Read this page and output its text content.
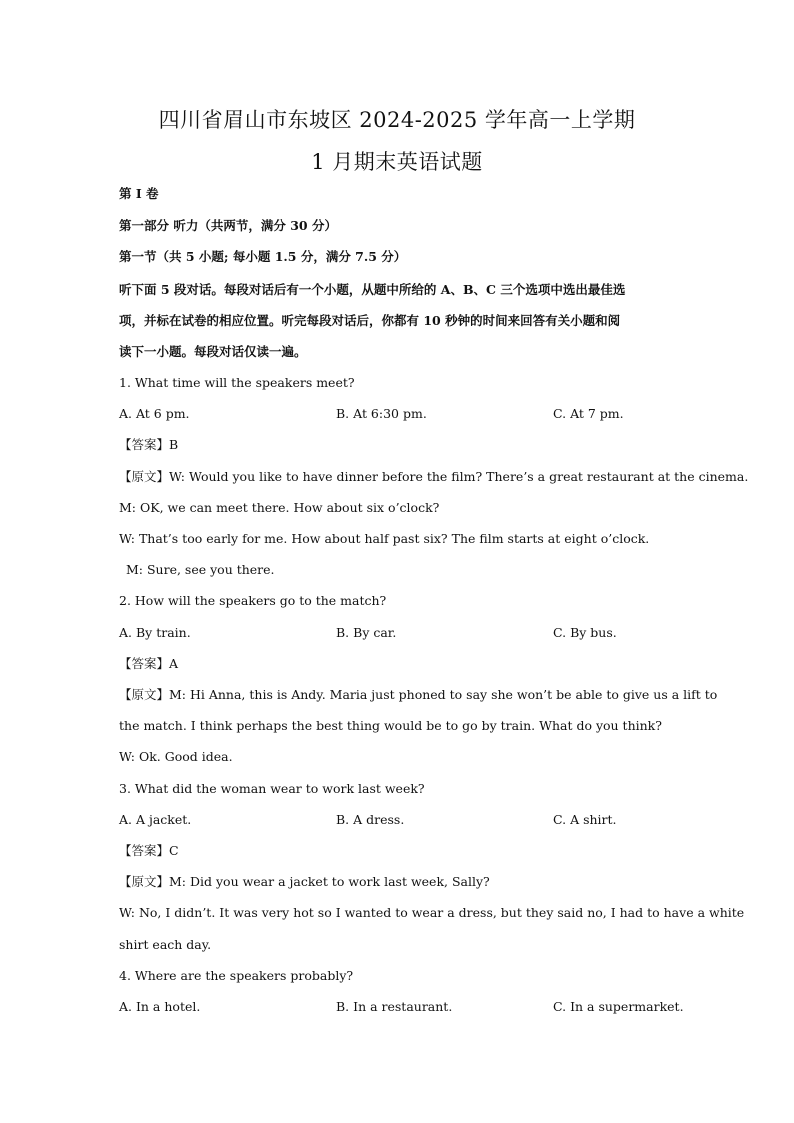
四川省眉山市东坡区 2024-2025 学年高一上学期
1 月期末英语试题
第 I 卷
第一部分 听力（共两节，满分 30 分）
第一节（共 5 小题; 每小题 1.5 分，满分 7.5 分）
听下面 5 段对话。每段对话后有一个小题，从题中所给的 A、B、C 三个选项中选出最佳选
项，并标在试卷的相应位置。听完每段对话后，你都有 10 秒钟的时间来回答有关小题和阅
读下一小题。每段对话仅读一遍。
1. What time will the speakers meet?
A. At 6 pm.	B. At 6:30 pm.	C. At 7 pm.
【答案】B
【原文】W: Would you like to have dinner before the film? There’s a great restaurant at the cinema.
M: OK, we can meet there. How about six o’clock?
W: That’s too early for me. How about half past six? The film starts at eight o’clock.
M: Sure, see you there.
2. How will the speakers go to the match?
A. By train.	B. By car.	C. By bus.
【答案】A
【原文】M: Hi Anna, this is Andy. Maria just phoned to say she won’t be able to give us a lift to
the match. I think perhaps the best thing would be to go by train. What do you think?
W: Ok. Good idea.
3. What did the woman wear to work last week?
A. A jacket.	B. A dress.	C. A shirt.
【答案】C
【原文】M: Did you wear a jacket to work last week, Sally?
W: No, I didn’t. It was very hot so I wanted to wear a dress, but they said no, I had to have a white
shirt each day.
4. Where are the speakers probably?
A. In a hotel.	B. In a restaurant.	C. In a supermarket.
